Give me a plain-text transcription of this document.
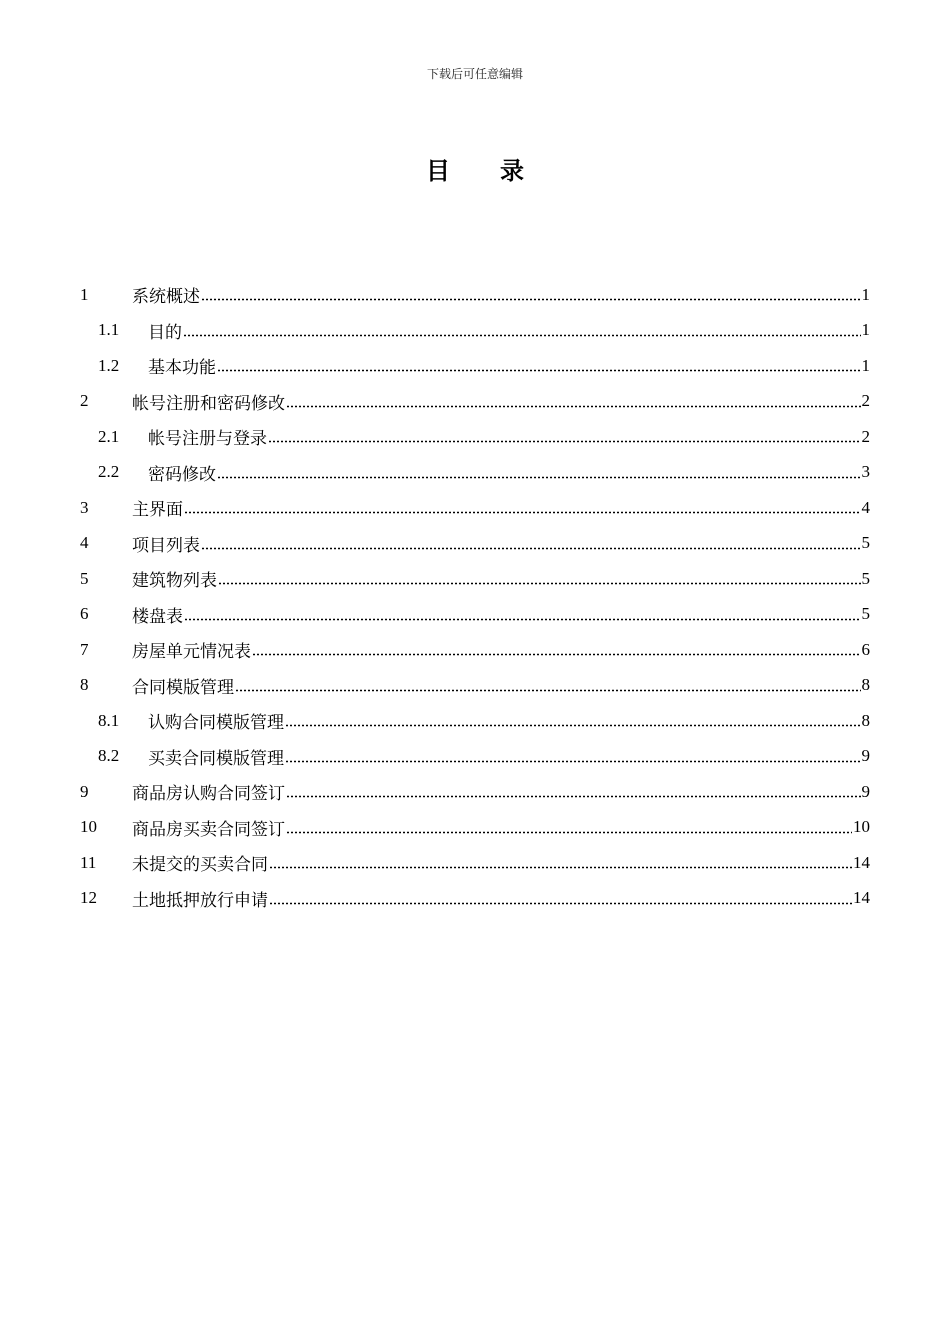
下载后可任意编辑
目 录
1	系统概述	1
1.1	目的	1
1.2	基本功能	1
2	帐号注册和密码修改	2
2.1	帐号注册与登录	2
2.2	密码修改	3
3	主界面	4
4	项目列表	5
5	建筑物列表	5
6	楼盘表	5
7	房屋单元情况表	6
8	合同模版管理	8
8.1	认购合同模版管理	8
8.2	买卖合同模版管理	9
9	商品房认购合同签订	9
10	商品房买卖合同签订	10
11	未提交的买卖合同	14
12	土地抵押放行申请	14
